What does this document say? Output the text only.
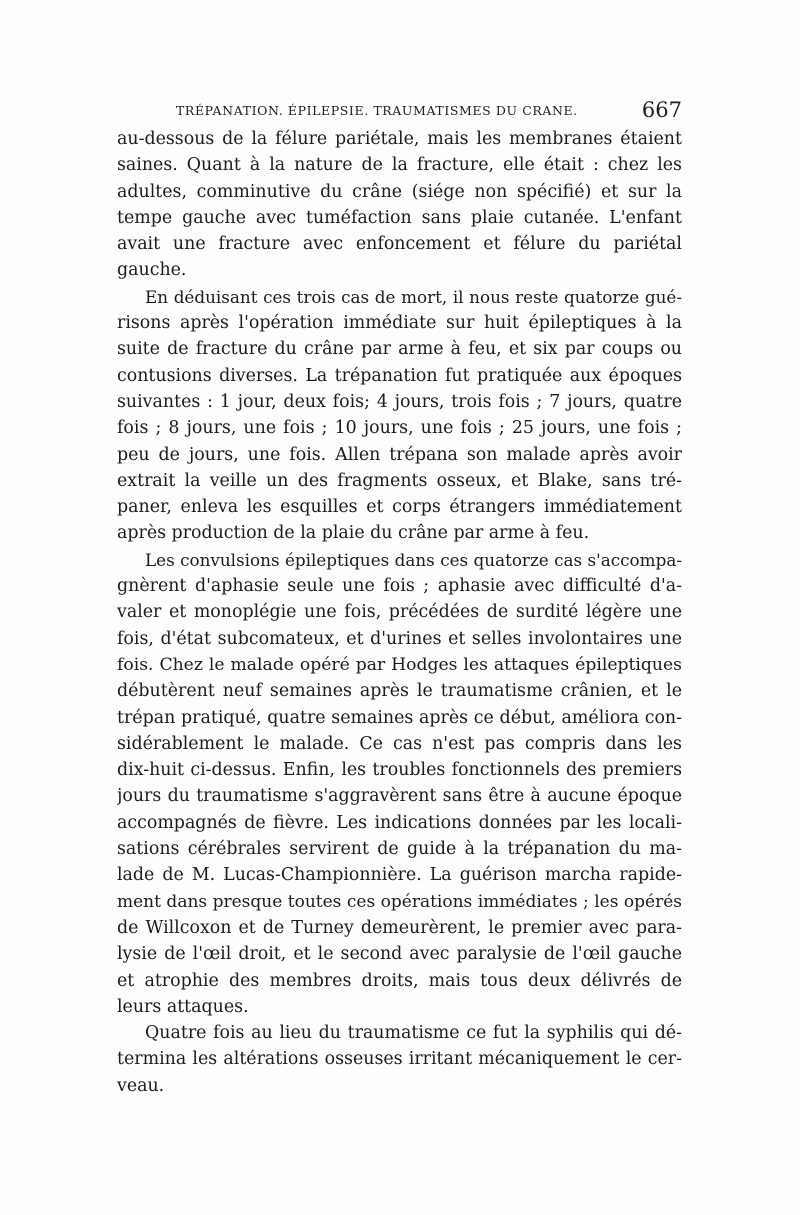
TRÉPANATION. ÉPILEPSIE. TRAUMATISMES DU CRANE.	667
au-dessous de la félure pariétale, mais les membranes étaient
saines. Quant à la nature de la fracture, elle était : chez les
adultes, comminutive du crâne (siége non spécifié) et sur la
tempe gauche avec tuméfaction sans plaie cutanée. L'enfant
avait une fracture avec enfoncement et félure du pariétal
gauche.
En déduisant ces trois cas de mort, il nous reste quatorze gué-
risons après l'opération immédiate sur huit épileptiques à la
suite de fracture du crâne par arme à feu, et six par coups ou
contusions diverses. La trépanation fut pratiquée aux époques
suivantes : 1 jour, deux fois; 4 jours, trois fois ; 7 jours, quatre
fois ; 8 jours, une fois ; 10 jours, une fois ; 25 jours, une fois ;
peu de jours, une fois. Allen trépana son malade après avoir
extrait la veille un des fragments osseux, et Blake, sans tré-
paner, enleva les esquilles et corps étrangers immédiatement
après production de la plaie du crâne par arme à feu.
Les convulsions épileptiques dans ces quatorze cas s'accompa-
gnèrent d'aphasie seule une fois ; aphasie avec difficulté d'a-
valer et monoplégie une fois, précédées de surdité légère une
fois, d'état subcomateux, et d'urines et selles involontaires une
fois. Chez le malade opéré par Hodges les attaques épileptiques
débutèrent neuf semaines après le traumatisme crânien, et le
trépan pratiqué, quatre semaines après ce début, améliora con-
sidérablement le malade. Ce cas n'est pas compris dans les
dix-huit ci-dessus. Enfin, les troubles fonctionnels des premiers
jours du traumatisme s'aggravèrent sans être à aucune époque
accompagnés de fièvre. Les indications données par les locali-
sations cérébrales servirent de guide à la trépanation du ma-
lade de M. Lucas-Championnière. La guérison marcha rapide-
ment dans presque toutes ces opérations immédiates ; les opérés
de Willcoxon et de Turney demeurèrent, le premier avec para-
lysie de l'œil droit, et le second avec paralysie de l'œil gauche
et atrophie des membres droits, mais tous deux délivrés de
leurs attaques.
Quatre fois au lieu du traumatisme ce fut la syphilis qui dé-
termina les altérations osseuses irritant mécaniquement le cer-
veau.
